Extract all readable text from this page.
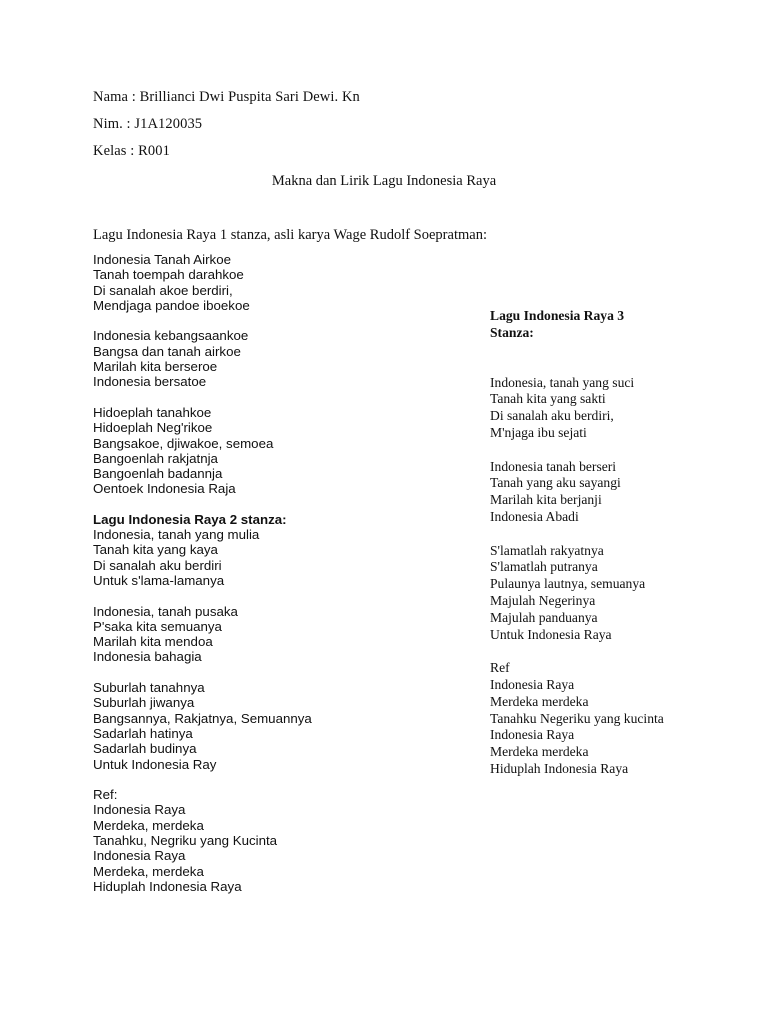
Nama : Brillianci Dwi Puspita Sari Dewi. Kn
Nim. : J1A120035
Kelas : R001
Makna dan Lirik Lagu Indonesia Raya
Lagu Indonesia Raya 1 stanza, asli karya Wage Rudolf Soepratman:
Indonesia Tanah Airkoe
Tanah toempah darahkoe
Di sanalah akoe berdiri,
Mendjaga pandoe iboekoe
Indonesia kebangsaankoe
Bangsa dan tanah airkoe
Marilah kita berseroe
Indonesia bersatoe
Hidoeplah tanahkoe
Hidoeplah Neg'rikoe
Bangsakoe, djiwakoe, semoea
Bangoenlah rakjatnja
Bangoenlah badannja
Oentoek Indonesia Raja
Lagu Indonesia Raya 2 stanza:
Indonesia, tanah yang mulia
Tanah kita yang kaya
Di sanalah aku berdiri
Untuk s'lama-lamanya
Indonesia, tanah pusaka
P'saka kita semuanya
Marilah kita mendoa
Indonesia bahagia
Suburlah tanahnya
Suburlah jiwanya
Bangsannya, Rakjatnya, Semuannya
Sadarlah hatinya
Sadarlah budinya
Untuk Indonesia Ray
Ref:
Indonesia Raya
Merdeka, merdeka
Tanahku, Negriku yang Kucinta
Indonesia Raya
Merdeka, merdeka
Hiduplah Indonesia Raya
Lagu Indonesia Raya 3 Stanza:
Indonesia, tanah yang suci
Tanah kita yang sakti
Di sanalah aku berdiri,
M'njaga ibu sejati
Indonesia tanah berseri
Tanah yang aku sayangi
Marilah kita berjanji
Indonesia Abadi
S'lamatlah rakyatnya
S'lamatlah putranya
Pulaunya lautnya, semuanya
Majulah Negerinya
Majulah panduanya
Untuk Indonesia Raya
Ref
Indonesia Raya
Merdeka merdeka
Tanahku Negeriku yang kucinta
Indonesia Raya
Merdeka merdeka
Hiduplah Indonesia Raya
